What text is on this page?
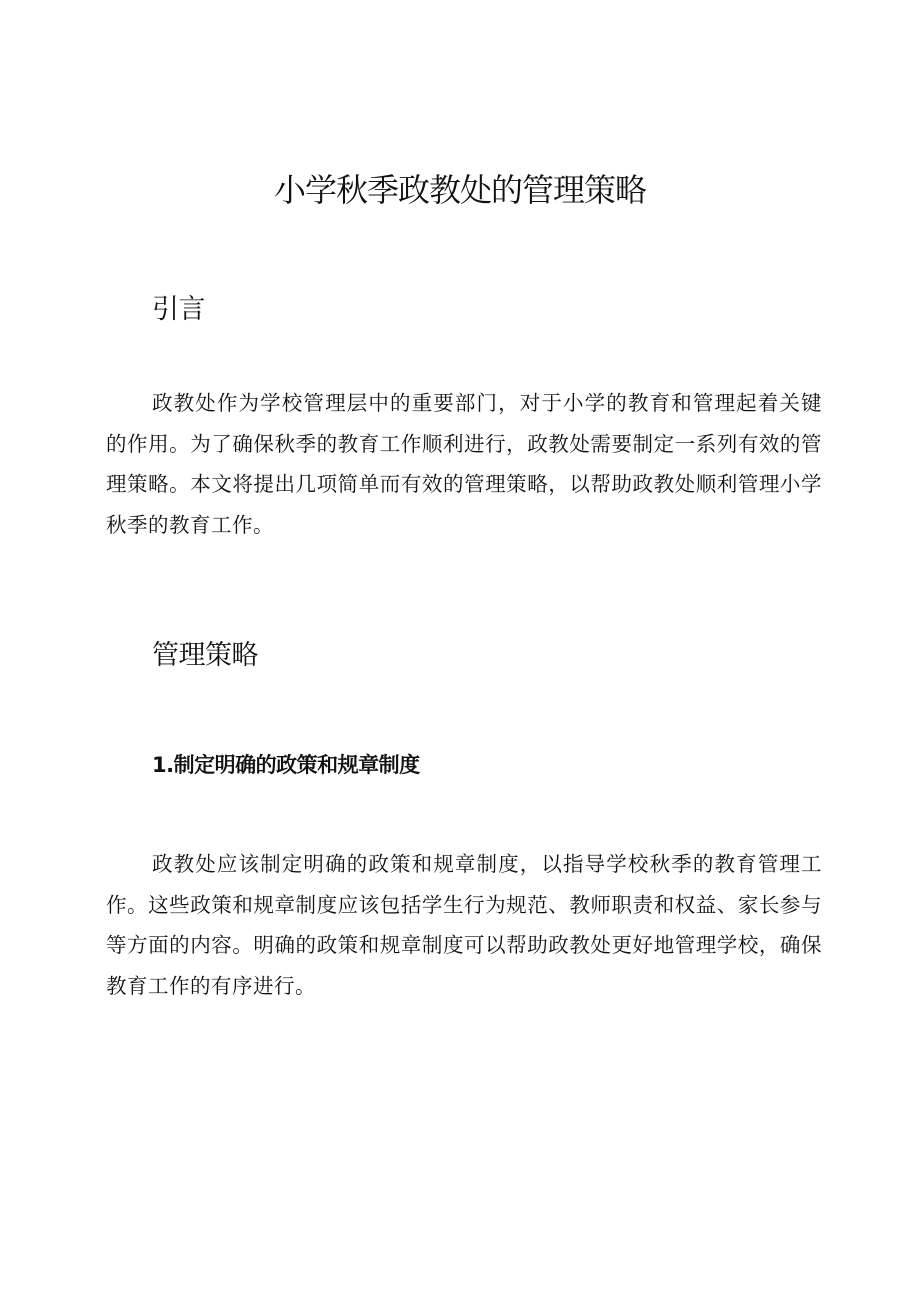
小学秋季政教处的管理策略
引言

政教处作为学校管理层中的重要部门，对于小学的教育和管理起着关键的作用。为了确保秋季的教育工作顺利进行，政教处需要制定一系列有效的管理策略。本文将提出几项简单而有效的管理策略，以帮助政教处顺利管理小学秋季的教育工作。

管理策略
1.制定明确的政策和规章制度

政教处应该制定明确的政策和规章制度，以指导学校秋季的教育管理工作。这些政策和规章制度应该包括学生行为规范、教师职责和权益、家长参与等方面的内容。明确的政策和规章制度可以帮助政教处更好地管理学校，确保教育工作的有序进行。
